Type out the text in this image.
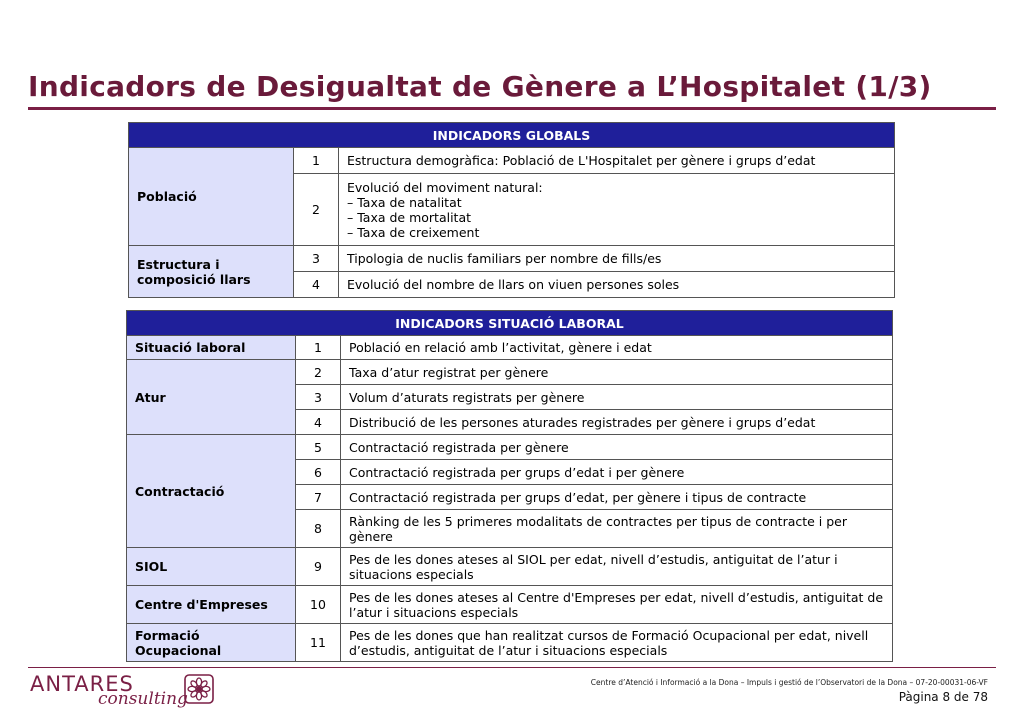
Indicadors de Desigualtat de Gènere a L’Hospitalet (1/3)
INDICADORS GLOBALS		
Població	1	Estructura demogràfica: Població de L'Hospitalet per gènere i grups d’edat

	2	Evolució del moviment natural:
– Taxa de natalitat
– Taxa de mortalitat
– Taxa de creixement

Estructura i composició llars	3	Tipologia de nuclis familiars per nombre de fills/es

	4	Evolució del nombre de llars on viuen persones soles
INDICADORS SITUACIÓ LABORAL		
Situació laboral	1	Població en relació amb l’activitat, gènere i edat

Atur	2	Taxa d’atur registrat per gènere

	3	Volum d’aturats registrats per gènere

	4	Distribució de les persones aturades registrades per gènere i grups d’edat

Contractació	5	Contractació registrada per gènere

	6	Contractació registrada per grups d’edat i per gènere

	7	Contractació registrada per grups d’edat, per gènere i tipus de contracte

	8	Rànking de les 5 primeres modalitats de contractes per tipus de contracte i per gènere

SIOL	9	Pes de les dones ateses al SIOL per edat, nivell d’estudis, antiguitat de l’atur i situacions especials

Centre d'Empreses	10	Pes de les dones ateses al Centre d'Empreses per edat, nivell d’estudis, antiguitat de l’atur i situacions especials

Formació Ocupacional	11	Pes de les dones que han realitzat cursos de Formació Ocupacional per edat, nivell d’estudis, antiguitat de l’atur i situacions especials
ANTARES
consulting
Centre d’Atenció i Informació a la Dona – Impuls i gestió de l’Observatori de la Dona – 07-20-00031-06-VF
Pàgina 8 de 78
